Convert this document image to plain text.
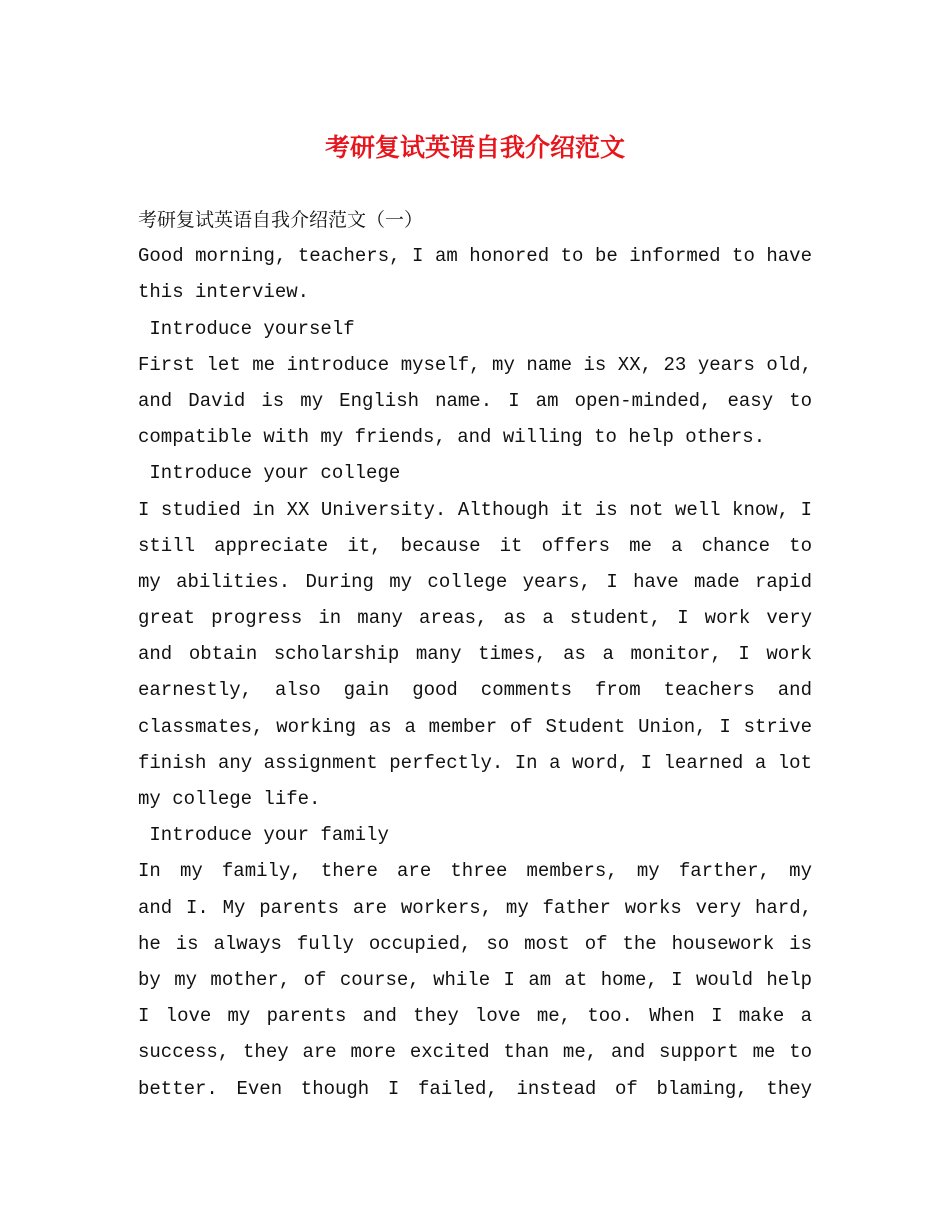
考研复试英语自我介绍范文
考研复试英语自我介绍范文（一）
Good morning, teachers, I am honored to be informed to have
this interview.
Introduce yourself
First let me introduce myself, my name is XX, 23 years old,
and David is my English name. I am open-minded, easy to
compatible with my friends, and willing to help others.
Introduce your college
I studied in XX University. Although it is not well know, I
still appreciate it, because it offers me a chance to
my abilities. During my college years, I have made rapid
great progress in many areas, as a student, I work very
and obtain scholarship many times, as a monitor, I work
earnestly, also gain good comments from teachers and
classmates, working as a member of Student Union, I strive
finish any assignment perfectly. In a word, I learned a lot
my college life.
Introduce your family
In my family, there are three members, my farther, my
and I. My parents are workers, my father works very hard,
he is always fully occupied, so most of the housework is
by my mother, of course, while I am at home, I would help
I love my parents and they love me, too. When I make a
success, they are more excited than me, and support me to
better. Even though I failed, instead of blaming, they
